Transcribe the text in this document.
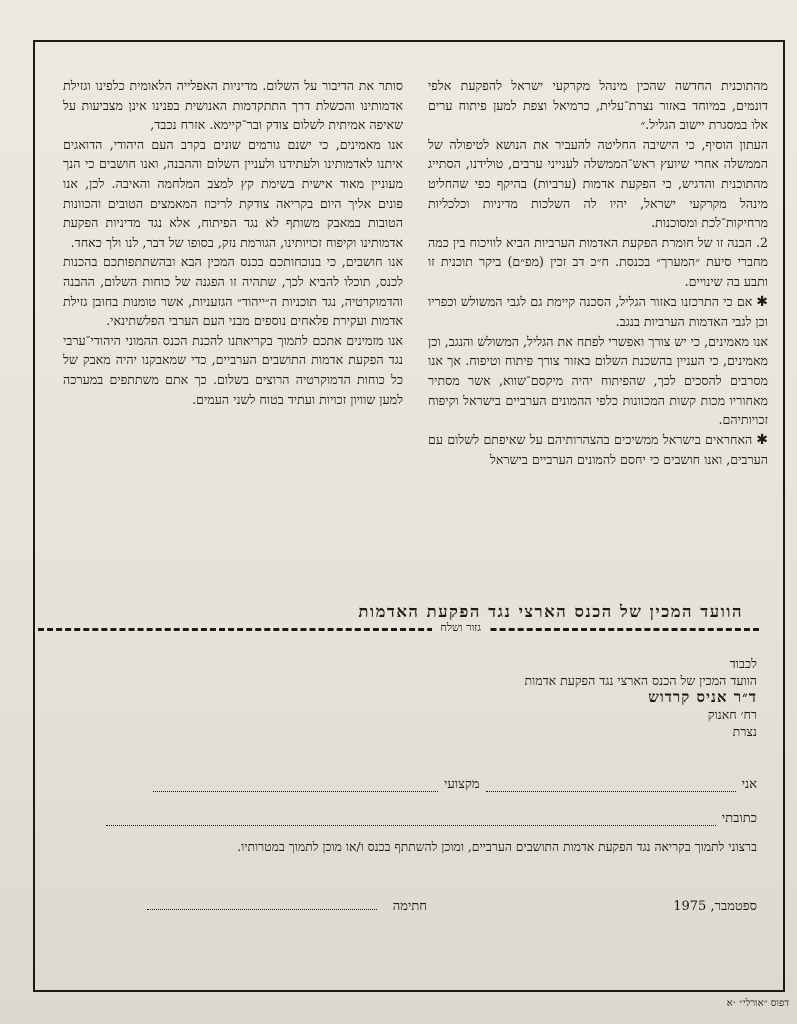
מהתוכנית החדשה שהכין מינהל מקרקעי ישראל להפקעת אלפי דונמים, במיוחד באזור נצרת־עלית, כרמיאל וצפת למען פיתוח ערים אלו במסגרת יישוב הגליל.״

העתון הוסיף, כי הישיבה החליטה להעביר את הנושא לטיפולה של הממשלה אחרי שיועץ ראש־הממשלה לענייני ערבים, טולידנו, הסתייג מהתוכנית והדגיש, כי הפקעת אדמות (ערביות) בהיקף כפי שהחליט מינהל מקרקעי ישראל, יהיו לה השלכות מדיניות וכלכליות מרחיקות־לכת ומסוכנות.

2. הבנה זו של חומרת הפקעת האדמות הערביות הביא לוויכוח בין כמה מחברי סיעת ״המערך״ בכנסת. ח״כ דב זכין (מפ״ם) ביקר תוכנית זו ותבע בה שינויים.

✱אם כי התרכזנו באזור הגליל, הסכנה קיימת גם לגבי המשולש וכפריו וכן לגבי האדמות הערביות בנגב.

אנו מאמינים, כי יש צורך ואפשרי לפתח את הגליל, המשולש והנגב, וכן מאמינים, כי העניין בהשכנת השלום באזור צורך פיתוח וטיפוח. אך אנו מסרבים להסכים לכך, שהפיתוח יהיה מיקסם־שווא, אשר מסתיר מאחוריו מכות קשות המכוונות כלפי ההמונים הערביים בישראל וקיפוח זכויותיהם.

✱האחראים בישראל ממשיכים בהצהרותיהם על שאיפתם לשלום עם הערבים, ואנו חושבים כי יחסם להמונים הערביים בישראל

סותר את הדיבור על השלום. מדיניות האפלייה הלאומית כלפינו וגזילת אדמותינו והכשלת דרך התתקדמות האנושית בפנינו אינן מצביעות על שאיפה אמיתית לשלום צודק ובר־קיימא. אזרח נכבד,

אנו מאמינים, כי ישנם גורמים שונים בקרב העם היהודי, הדואגים איתנו לאדמותינו ולעתידנו ולעניין השלום וההבנה, ואנו חושבים כי הנך מעוניין מאוד אישית בשימת קץ למצב המלחמה והאיבה. לכן, אנו פונים אליך היום בקריאה צודקת לריכוז המאמצים הטובים והכוונות הטובות במאבק משותף לא נגד הפיתוח, אלא נגד מדיניות הפקעת אדמותינו וקיפוח זכויותינו, הגורמת נזק, בסופו של דבר, לנו ולך כאחד.

אנו חושבים, כי בנוכחותכם בכנס המכין הבא ובהשתתפותכם בהכנות לכנס, תוכלו להביא לכך, שתהיה זו הפגנה של כוחות השלום, ההבנה והדמוקרטיה, נגד תוכניות ה״ייהוד״ הגזעניות, אשר טומנות בחובן גזילת אדמות ועקירת פלאחים נוספים מבני העם הערבי הפלשתינאי.

אנו מזמינים אתכם לתמוך בקריאתנו להכנת הכנס ההמוני היהודי־ערבי נגד הפקעת אדמות התושבים הערביים, כדי שמאבקנו יהיה מאבק של כל כוחות הדמוקרטיה הרוצים בשלום. כך אתם משתתפים במערכה למען שוויון זכויות ועתיד בטוח לשני העמים.

הוועד המכין של הכנס הארצי נגד הפקעת האדמות
גזור ושלח
לכבוד
הוועד המכין של הכנס הארצי נגד הפקעת אדמות
ד״ר אניס קרדוש
רח׳ חאנוק
נצרת
אני
מקצועי
כתובתי
ברצוני לתמוך בקריאה נגד הפקעת אדמות התושבים הערביים, ומוכן להשתתף בכנס ו/או מוכן לתמוך במטרותיו.
ספטמבר, 1975
חתימה
דפוס ״אורלי״ ·א
